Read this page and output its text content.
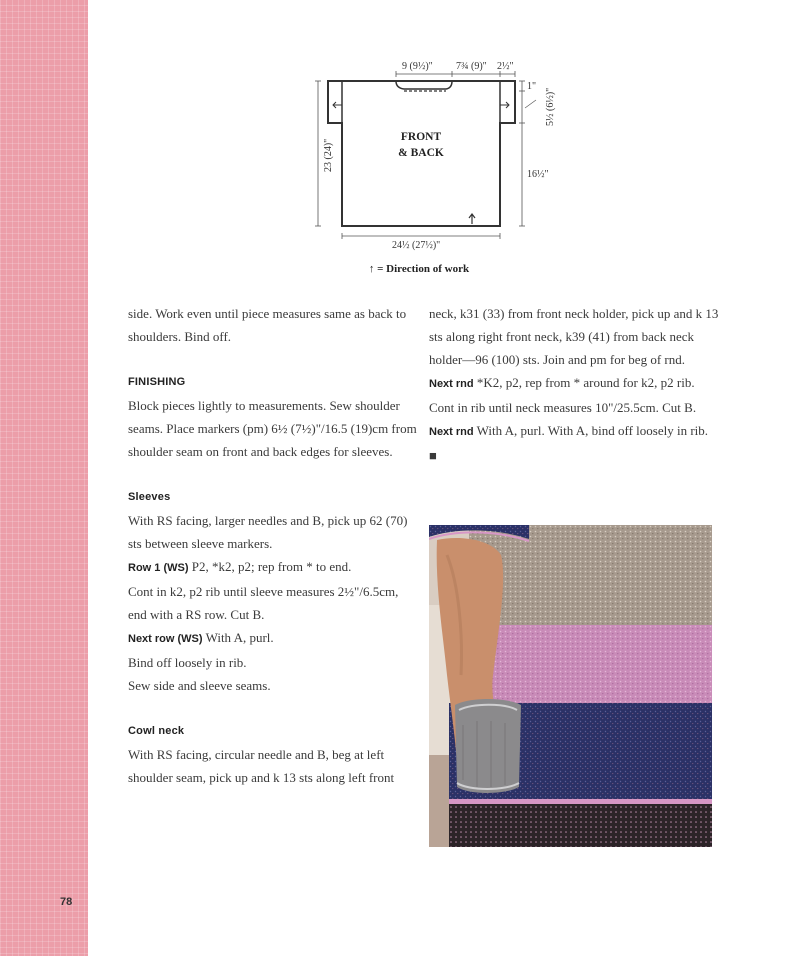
78
9 (9½)" 7¾ (9)" 2½"
1"
5½ (6½)"
16½"
23 (24)"
24½ (27½)"
FRONT
& BACK
↑ = Direction of work

side. Work even until piece measures same as back to shoulders. Bind off.

FINISHING

Block pieces lightly to measurements. Sew shoulder seams. Place markers (pm) 6½ (7½)"/16.5 (19)cm from shoulder seam on front and back edges for sleeves.

Sleeves

With RS facing, larger needles and B, pick up 62 (70) sts between sleeve markers.

Row 1 (WS) P2, *k2, p2; rep from * to end.

Cont in k2, p2 rib until sleeve measures 2½"/6.5cm, end with a RS row. Cut B.

Next row (WS) With A, purl.

Bind off loosely in rib.

Sew side and sleeve seams.

Cowl neck

With RS facing, circular needle and B, beg at left shoulder seam, pick up and k 13 sts along left front

neck, k31 (33) from front neck holder, pick up and k 13 sts along right front neck, k39 (41) from back neck holder—96 (100) sts. Join and pm for beg of rnd.

Next rnd *K2, p2, rep from * around for k2, p2 rib. Cont in rib until neck measures 10"/25.5cm. Cut B.

Next rnd With A, purl. With A, bind off loosely in rib. ■
